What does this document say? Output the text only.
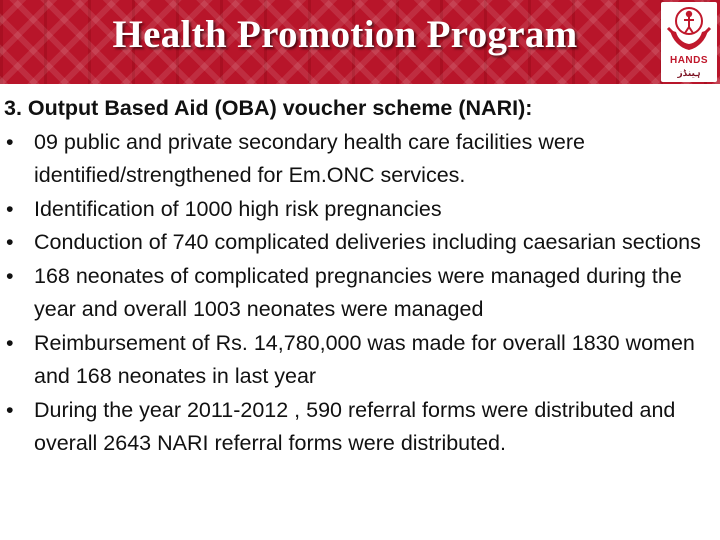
Health Promotion Program
HANDS
ہینڈز

3. Output Based Aid (OBA) voucher scheme (NARI):

• 09 public and private secondary health care facilities were identified/strengthened for Em.ONC services.
• Identification of 1000 high risk pregnancies
• Conduction of 740 complicated deliveries including caesarian sections
• 168 neonates of complicated pregnancies were managed during the year and overall 1003 neonates were managed
• Reimbursement of Rs. 14,780,000 was made for overall 1830 women and 168 neonates in last year
• During the year 2011-2012 , 590 referral forms were distributed and overall 2643 NARI referral forms were distributed.
